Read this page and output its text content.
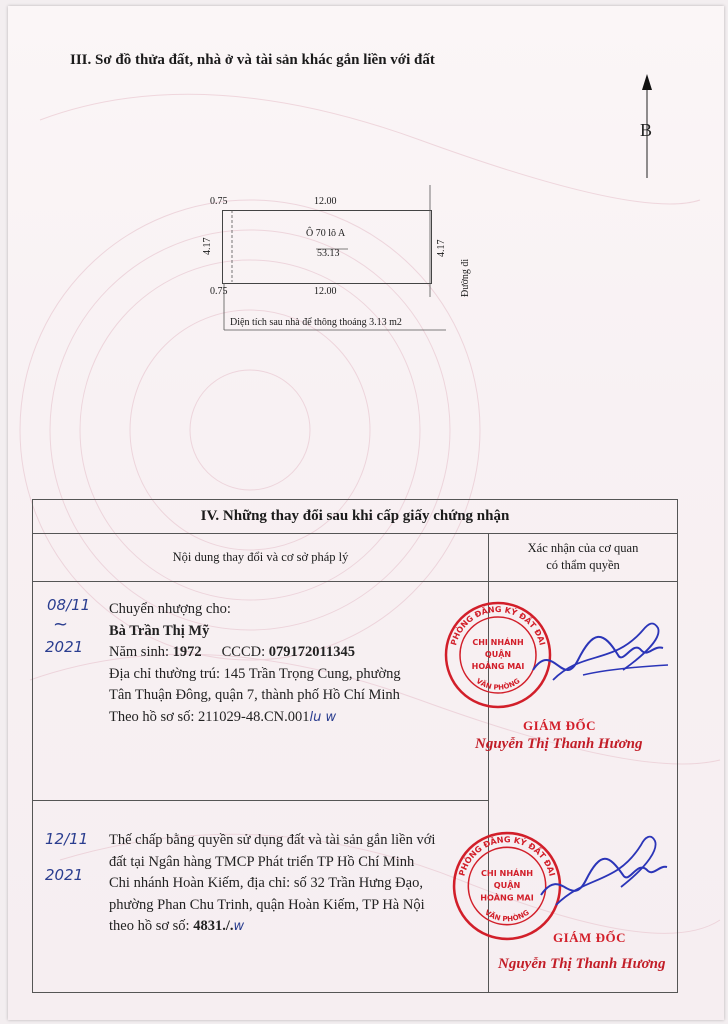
III. Sơ đồ thửa đất, nhà ở và tài sản khác gắn liền với đất
B
0.75	12.00
0.75	12.00
4.17	4.17
Ô 70 lô A
53.13
Đường đi
Diện tích sau nhà để thông thoáng 3.13 m2
IV. Những thay đổi sau khi cấp giấy chứng nhận
Nội dung thay đổi và cơ sở pháp lý
Xác nhận của cơ quan
có thẩm quyền
08/11
~
2021
Chuyển nhượng cho:
Bà Trần Thị Mỹ
Năm sinh: 1972 CCCD: 079172011345
Địa chỉ thường trú: 145 Trần Trọng Cung, phường
Tân Thuận Đông, quận 7, thành phố Hồ Chí Minh
Theo hồ sơ số: 211029-48.CN.001lu w
PHÒNG ĐĂNG KÝ ĐẤT ĐAI
CHI NHÁNH
QUẬN
HOÀNG MAI
VĂN PHÒNG
GIÁM ĐỐC
Nguyễn Thị Thanh Hương
12/11
2021
Thế chấp bằng quyền sử dụng đất và tài sản gắn liền với
đất tại Ngân hàng TMCP Phát triển TP Hồ Chí Minh
Chi nhánh Hoàn Kiếm, địa chỉ: số 32 Trần Hưng Đạo,
phường Phan Chu Trinh, quận Hoàn Kiếm, TP Hà Nội
theo hồ sơ số: 4831./.w
PHÒNG ĐĂNG KÝ ĐẤT ĐAI
CHI NHÁNH
QUẬN
HOÀNG MAI
VĂN PHÒNG
GIÁM ĐỐC
Nguyễn Thị Thanh Hương
